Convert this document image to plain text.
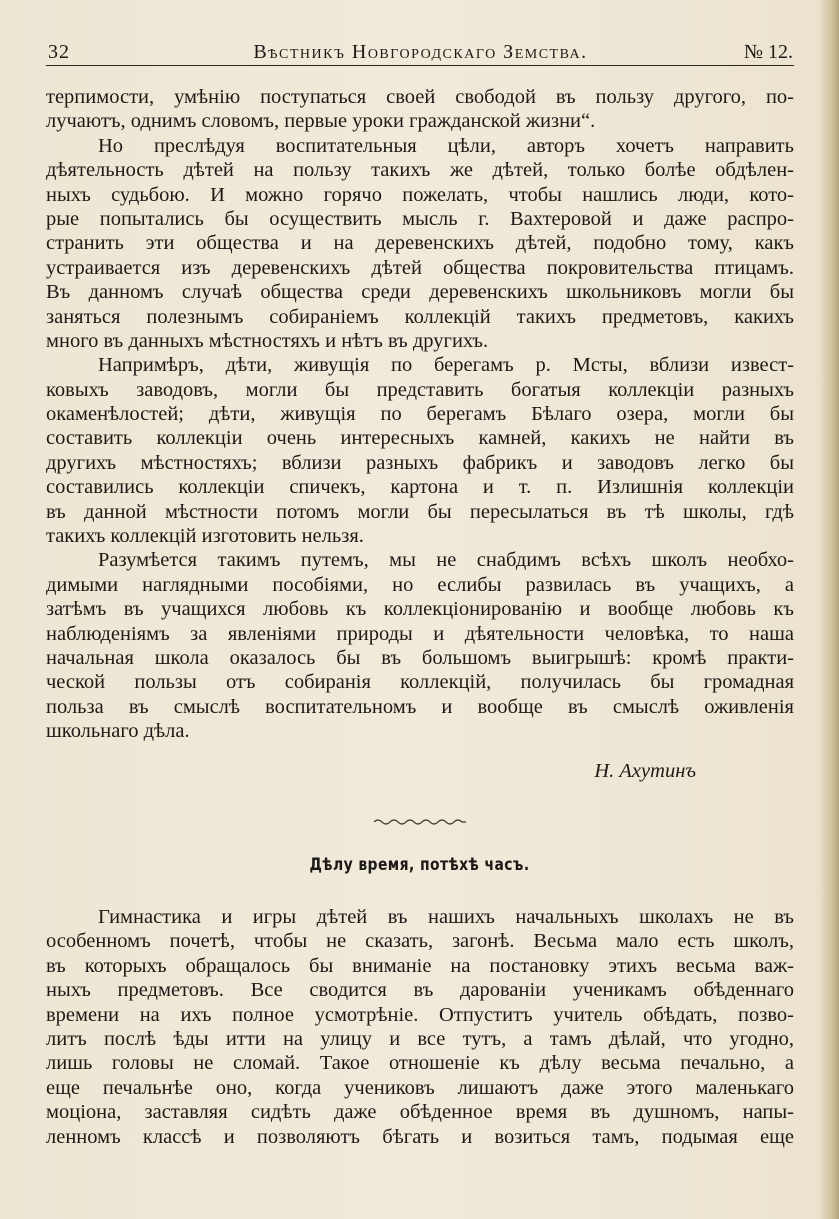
32	Вѣстникъ Новгородскаго Земства.	№ 12.
терпимости, умѣнію поступаться своей свободой въ пользу другого, по-
лучаютъ, однимъ словомъ, первые уроки гражданской жизни“.
Но преслѣдуя воспитательныя цѣли, авторъ хочетъ направить
дѣятельность дѣтей на пользу такихъ же дѣтей, только болѣе обдѣлен-
ныхъ судьбою. И можно горячо пожелать, чтобы нашлись люди, кото-
рые попытались бы осуществить мысль г. Вахтеровой и даже распро-
странить эти общества и на деревенскихъ дѣтей, подобно тому, какъ
устраивается изъ деревенскихъ дѣтей общества покровительства птицамъ.
Въ данномъ случаѣ общества среди деревенскихъ школьниковъ могли бы
заняться полезнымъ собираніемъ коллекцій такихъ предметовъ, какихъ
много въ данныхъ мѣстностяхъ и нѣтъ въ другихъ.
Напримѣръ, дѣти, живущія по берегамъ р. Мсты, вблизи извест-
ковыхъ заводовъ, могли бы представить богатыя коллекціи разныхъ
окаменѣлостей; дѣти, живущія по берегамъ Бѣлаго озера, могли бы
составить коллекціи очень интересныхъ камней, какихъ не найти въ
другихъ мѣстностяхъ; вблизи разныхъ фабрикъ и заводовъ легко бы
составились коллекціи спичекъ, картона и т. п. Излишнія коллекціи
въ данной мѣстности потомъ могли бы пересылаться въ тѣ школы, гдѣ
такихъ коллекцій изготовить нельзя.
Разумѣется такимъ путемъ, мы не снабдимъ всѣхъ школъ необхо-
димыми наглядными пособіями, но еслибы развилась въ учащихъ, а
затѣмъ въ учащихся любовь къ коллекціонированію и вообще любовь къ
наблюденіямъ за явленіями природы и дѣятельности человѣка, то наша
начальная школа оказалось бы въ большомъ выигрышѣ: кромѣ практи-
ческой пользы отъ собиранія коллекцій, получилась бы громадная
польза въ смыслѣ воспитательномъ и вообще въ смыслѣ оживленія
школьнаго дѣла.
Н. Ахутинъ
Дѣлу время, потѣхѣ часъ.
Гимнастика и игры дѣтей въ нашихъ начальныхъ школахъ не въ
особенномъ почетѣ, чтобы не сказать, загонѣ. Весьма мало есть школъ,
въ которыхъ обращалось бы вниманіе на постановку этихъ весьма важ-
ныхъ предметовъ. Все сводится въ дарованіи ученикамъ обѣденнаго
времени на ихъ полное усмотрѣніе. Отпуститъ учитель обѣдать, позво-
литъ послѣ ѣды итти на улицу и все тутъ, а тамъ дѣлай, что угодно,
лишь головы не сломай. Такое отношеніе къ дѣлу весьма печально, а
еще печальнѣе оно, когда учениковъ лишаютъ даже этого маленькаго
моціона, заставляя сидѣть даже обѣденное время въ душномъ, напы-
ленномъ классѣ и позволяютъ бѣгать и возиться тамъ, подымая еще
